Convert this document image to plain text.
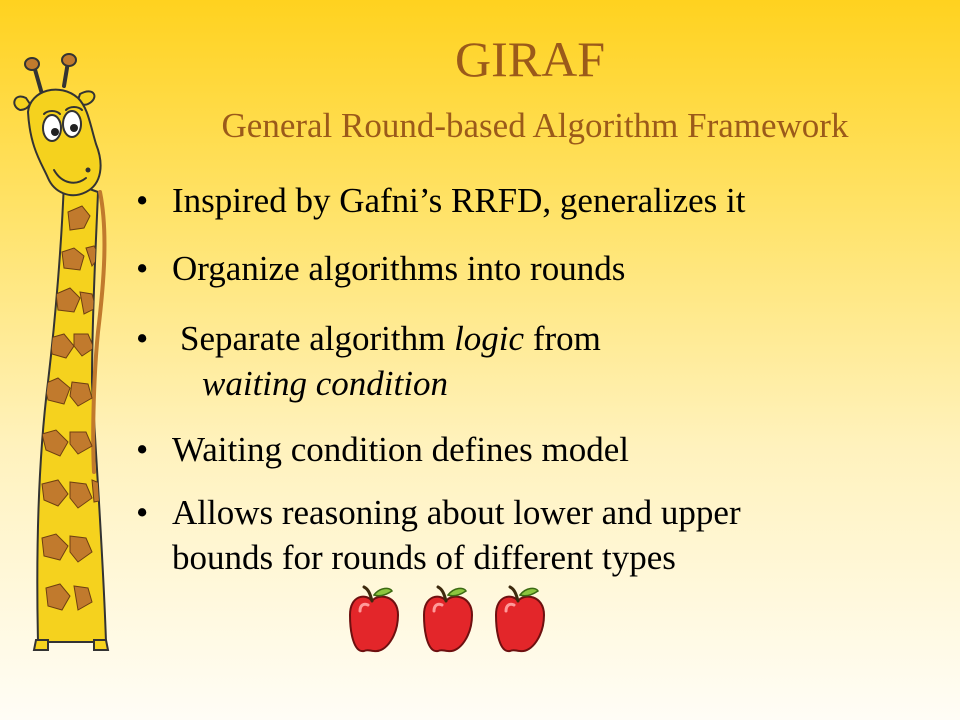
GIRAF
General Round-based Algorithm Framework
• Inspired by Gafni’s RRFD, generalizes it
• Organize algorithms into rounds
• Separate algorithm logic from
waiting condition
• Waiting condition defines model
• Allows reasoning about lower and upper
bounds for rounds of different types
